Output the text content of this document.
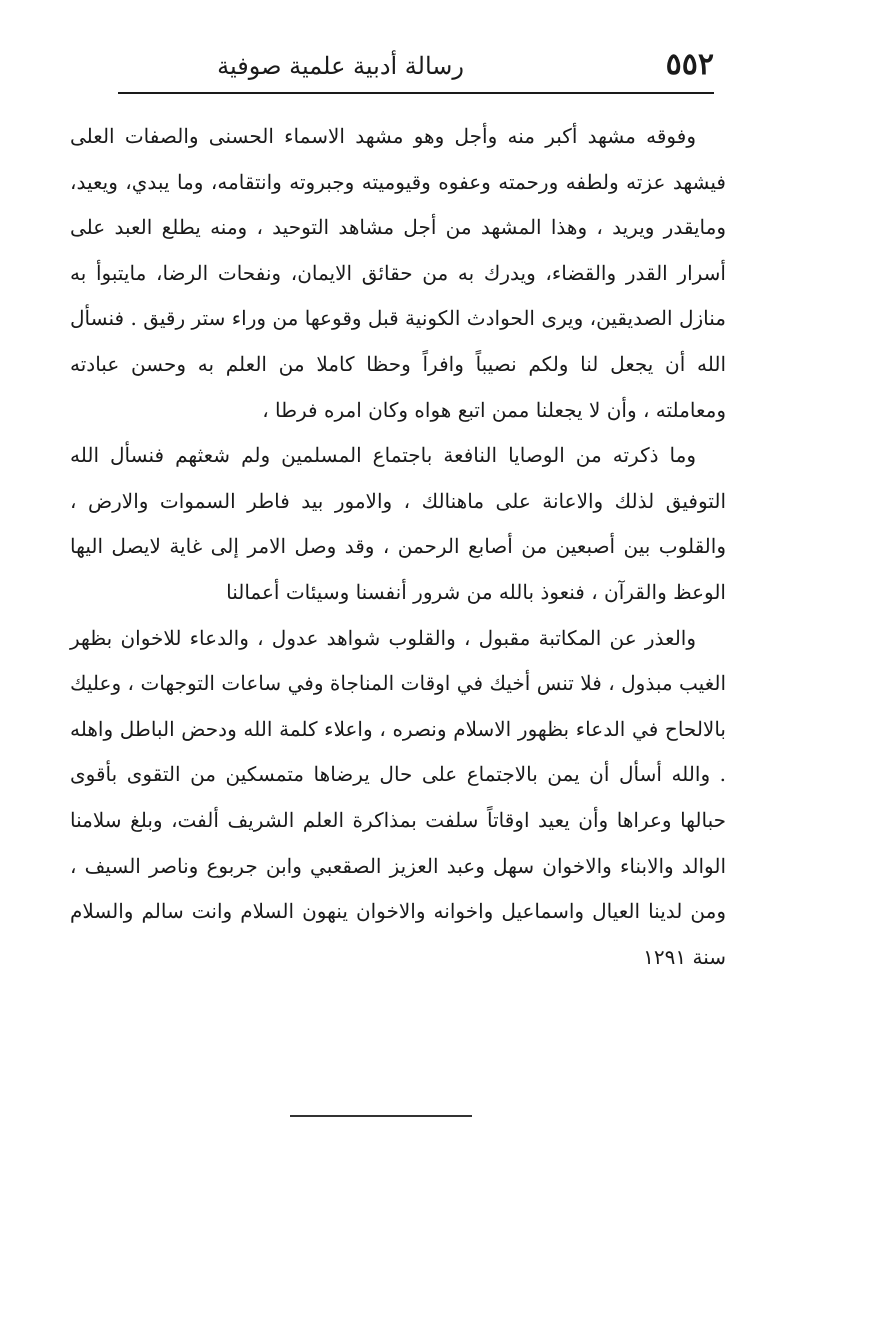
٥٥٢
رسالة أدبية علمية صوفية

وفوقه مشهد أكبر منه وأجل وهو مشهد الاسماء الحسنى والصفات العلى فيشهد عزته ولطفه ورحمته وعفوه وقيوميته وجبروته وانتقامه، وما يبدي، ويعيد، ومايقدر ويريد ، وهذا المشهد من أجل مشاهد التوحيد ، ومنه يطلع العبد على أسرار القدر والقضاء، ويدرك به من حقائق الايمان، ونفحات الرضا، مايتبوأ به منازل الصديقين، ويرى الحوادث الكونية قبل وقوعها من وراء ستر رقيق . فنسأل الله أن يجعل لنا ولكم نصيباً وافراً وحظا كاملا من العلم به وحسن عبادته ومعاملته ، وأن لا يجعلنا ممن اتبع هواه وكان امره فرطا ،

وما ذكرته من الوصايا النافعة باجتماع المسلمين ولم شعثهم فنسأل الله التوفيق لذلك والاعانة على ماهنالك ، والامور بيد فاطر السموات والارض ، والقلوب بين أصبعين من أصابع الرحمن ، وقد وصل الامر إلى غاية لايصل اليها الوعظ والقرآن ، فنعوذ بالله من شرور أنفسنا وسيئات أعمالنا

والعذر عن المكاتبة مقبول ، والقلوب شواهد عدول ، والدعاء للاخوان بظهر الغيب مبذول ، فلا تنس أخيك في اوقات المناجاة وفي ساعات التوجهات ، وعليك بالالحاح في الدعاء بظهور الاسلام ونصره ، واعلاء كلمة الله ودحض الباطل واهله . والله أسأل أن يمن بالاجتماع على حال يرضاها متمسكين من التقوى بأقوى حبالها وعراها وأن يعيد اوقاتاً سلفت بمذاكرة العلم الشريف ألفت، وبلغ سلامنا الوالد والابناء والاخوان سهل وعبد العزيز الصقعبي وابن جربوع وناصر السيف ، ومن لدينا العيال واسماعيل واخوانه والاخوان ينهون السلام وانت سالم والسلام سنة ١٢٩١
